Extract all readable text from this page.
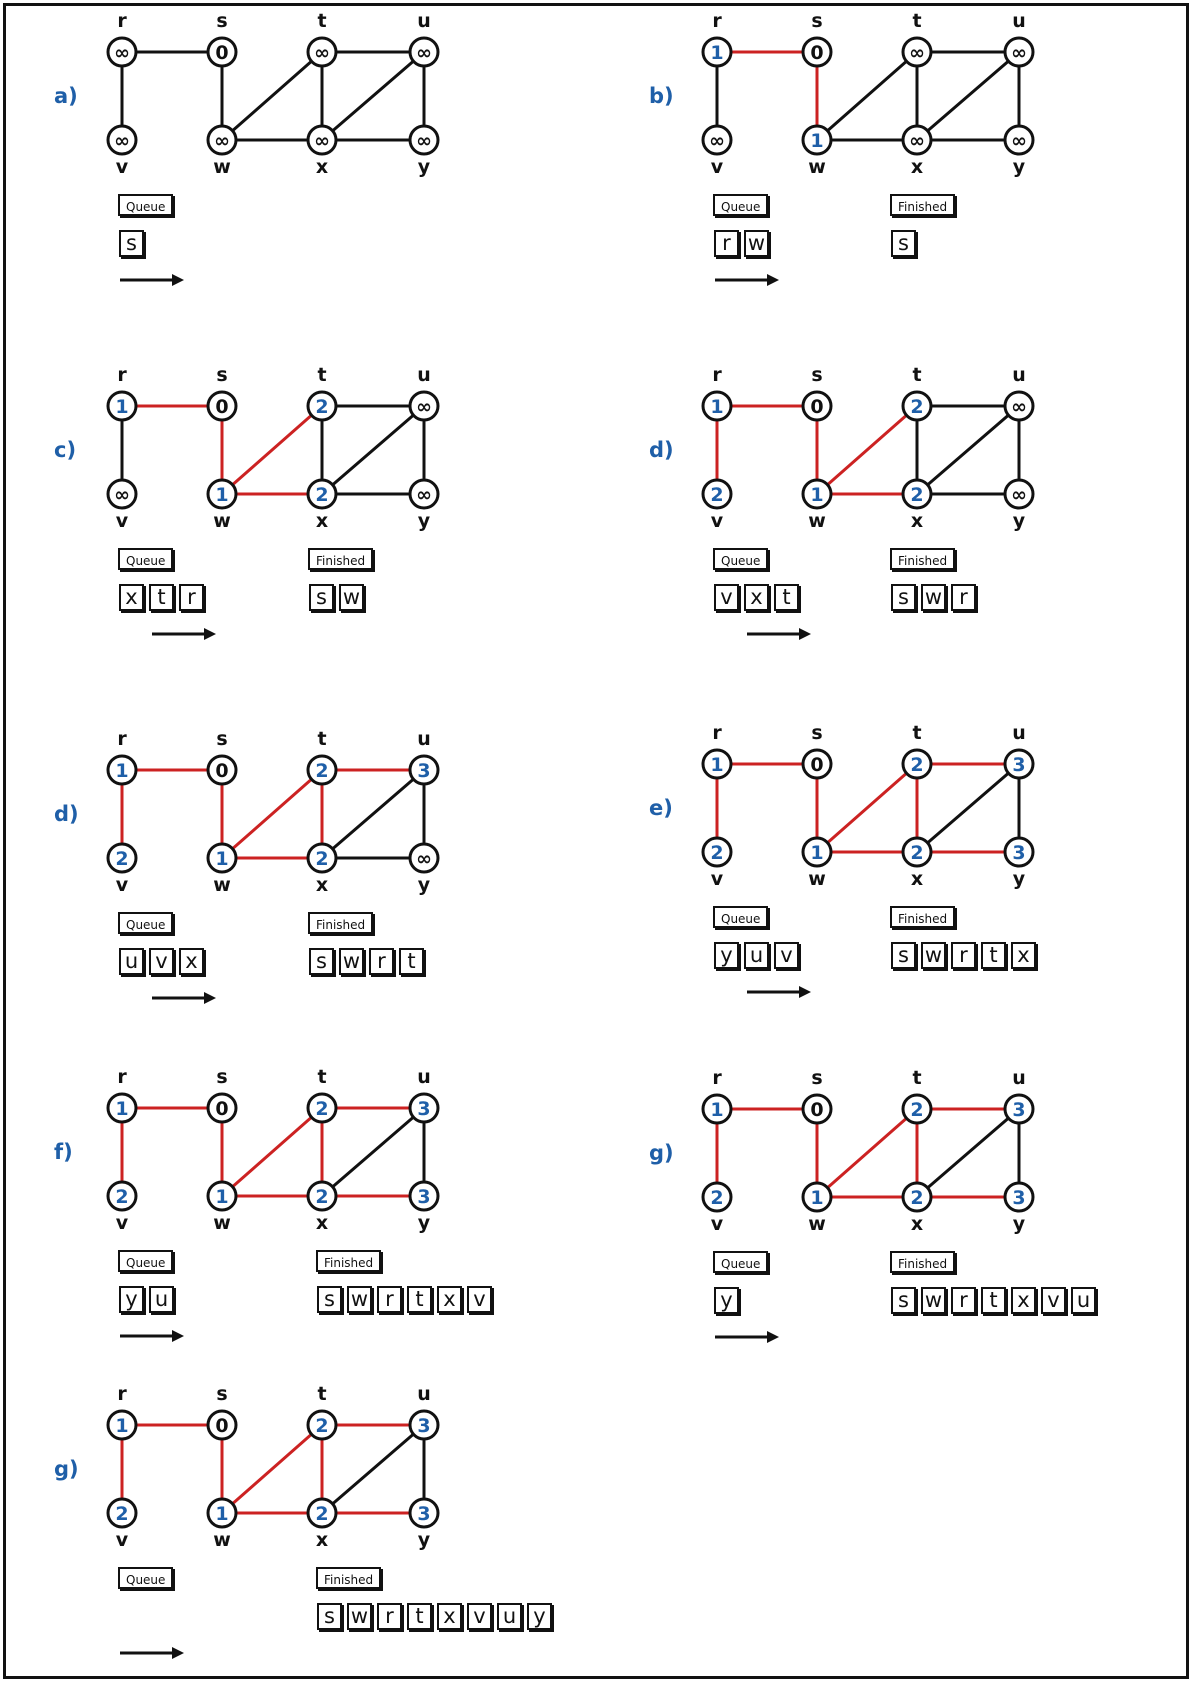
a)
∞
r
0
s
∞
t
∞
u
∞
v
∞
w
∞
x
∞
y
Queue
s
b)
1
r
0
s
∞
t
∞
u
∞
v
1
w
∞
x
∞
y
Queue
r w
Finished
s
c)
1
r
0
s
2
t
∞
u
∞
v
1
w
2
x
∞
y
Queue
x t	r
Finished
s w
d)
1
r
0
s
2
t
∞
u
2
v
1
w
2
x
∞
y
Queue
v x t
Finished
s w r
d)
1
r
0
s
2
t
3
u
2
v
1
w
2
x
∞
y
Queue
u v x
Finished
s w r	t
e)
1
r
0
s
2
t
3
u
2
v
1
w
2
x
3
y
Queue
y u v
Finished
s w r	t x
f)
1
r
0
s
2
t
3
u
2
v
1
w
2
x
3
y
Queue
y u
Finished
s w r	t x v
g)
1
r
0
s
2
t
3
u
2
v
1
w
2
x
3
y
Queue
y
Finished
s w r	t x v u
g)
1
r
0
s
2
t
3
u
2
v
1
w
2
x
3
y
Queue	Finished
s w r	t x v u y
